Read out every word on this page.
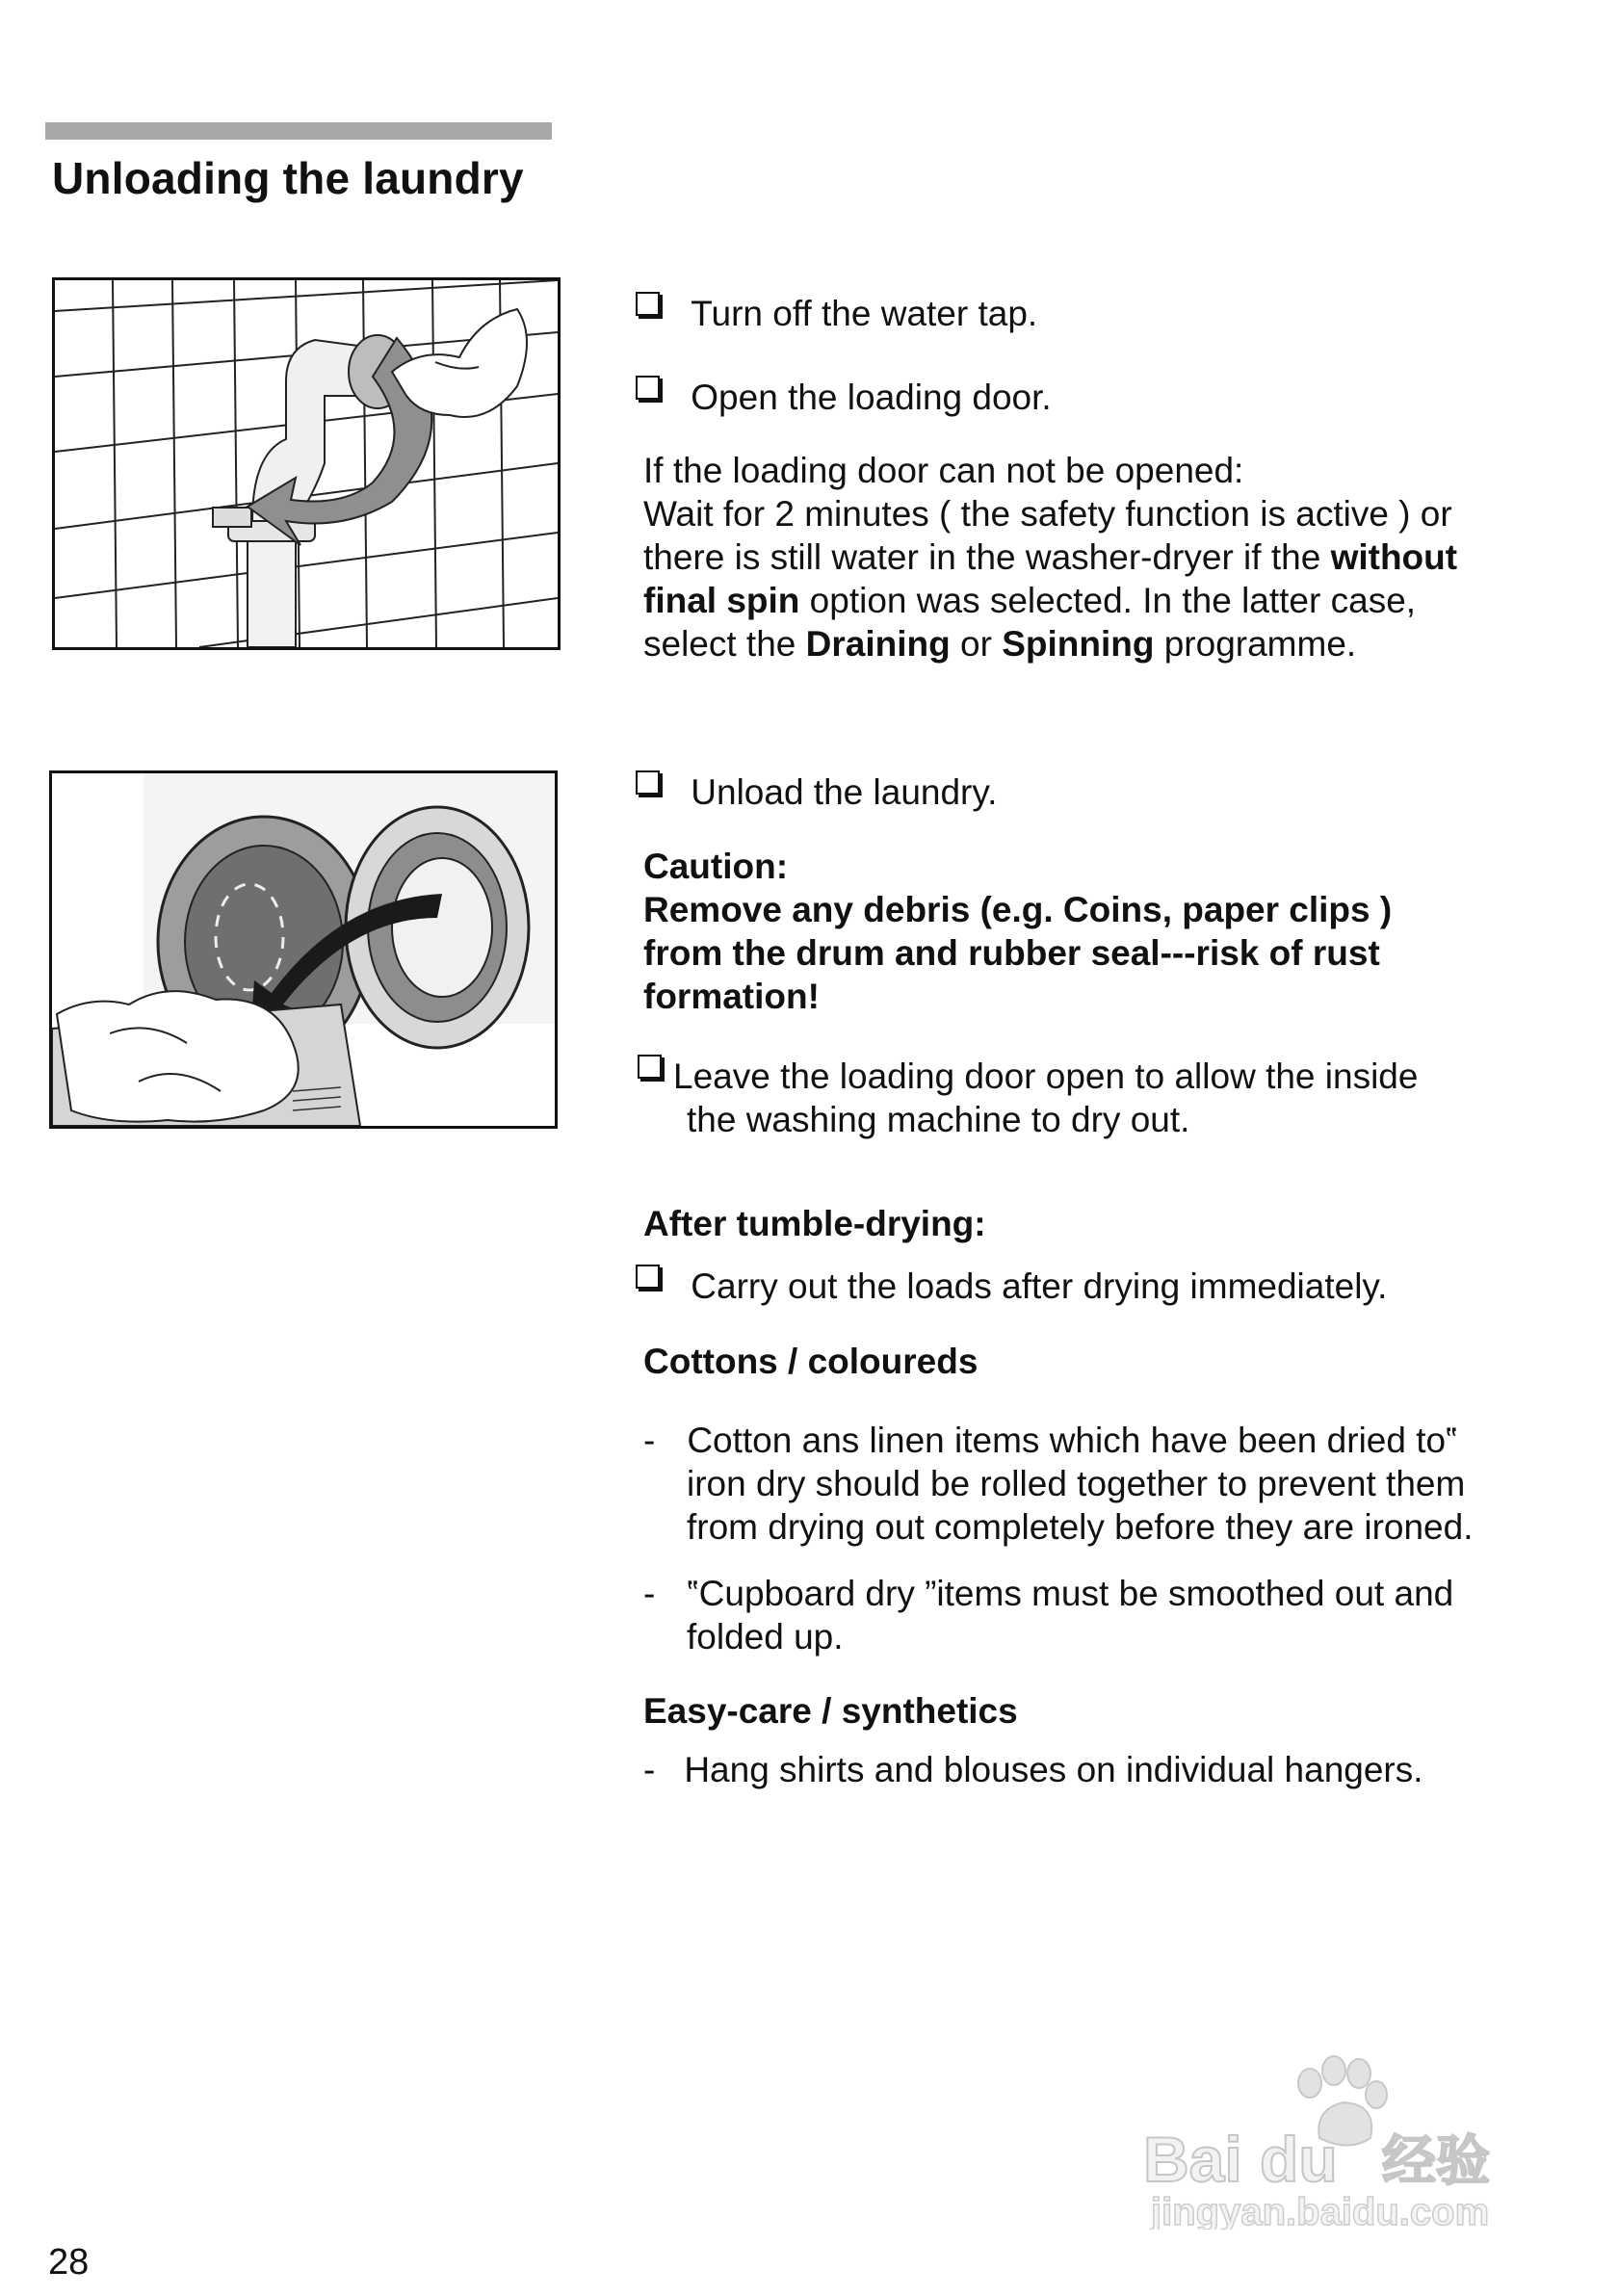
Unloading the laundry
Turn off the water tap.
Open the loading door.
If the loading door can not be opened:
Wait for 2 minutes ( the safety function is active ) or
there is still water in the washer-dryer if the without
final spin option was selected. In the latter case,
select the Draining or Spinning programme.
Unload the laundry.
Caution:
Remove any debris (e.g. Coins, paper clips )
from the drum and rubber seal---risk of rust
formation!
Leave the loading door open to allow the inside
the washing machine to dry out.
After tumble-drying:
Carry out the loads after drying immediately.
Cottons / coloureds
- Cotton ans linen items which have been dried to‟
iron dry should be rolled together to prevent them
from drying out completely before they are ironed.
- ‟Cupboard dry ”items must be smoothed out and
folded up.
Easy-care / synthetics
- Hang shirts and blouses on individual hangers.
28
Bai du 经验
jingyan.baidu.com
